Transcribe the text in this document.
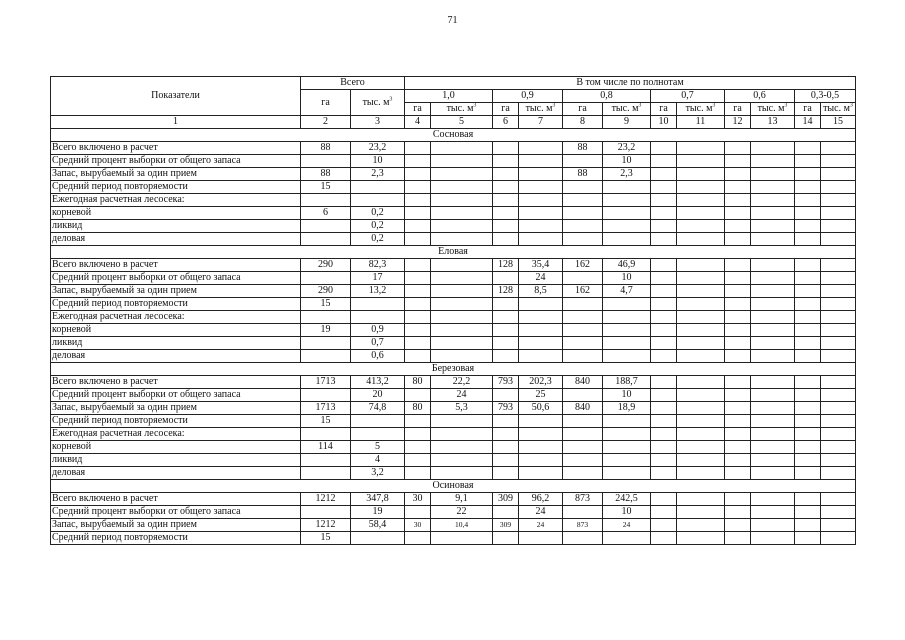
71
Показатели	Всего		В том числе по полнотам											
	га	тыс. $м^3$	1,0		0,9		0,8		0,7		0,6		0,3-0,5	
			га	тыс. $м^3$	га	тыс. $м^3$	га	тыс. $м^3$	га	тыс. $м^3$	га	тыс. $м^3$	га	тыс. $м^3$
1	2	3	4	5	6	7	8	9	10	11	12	13	14	15
Сосновая														
Всего включено в расчет	88	23,2					88	23,2						
Средний процент выборки от общего запаса		10						10						
Запас, вырубаемый за один прием	88	2,3					88	2,3						
Средний период повторяемости	15													
Ежегодная расчетная лесосека:														
корневой	6	0,2												
ликвид		0,2												
деловая		0,2												
Еловая														
Всего включено в расчет	290	82,3			128	35,4	162	46,9						
Средний процент выборки от общего запаса		17				24		10						
Запас, вырубаемый за один прием	290	13,2			128	8,5	162	4,7						
Средний период повторяемости	15													
Ежегодная расчетная лесосека:														
корневой	19	0,9												
ликвид		0,7												
деловая		0,6												
Березовая														
Всего включено в расчет	1713	413,2	80	22,2	793	202,3	840	188,7						
Средний процент выборки от общего запаса		20		24		25		10						
Запас, вырубаемый за один прием	1713	74,8	80	5,3	793	50,6	840	18,9						
Средний период повторяемости	15													
Ежегодная расчетная лесосека:														
корневой	114	5												
ликвид		4												
деловая		3,2												
Осиновая														
Всего включено в расчет	1212	347,8	30	9,1	309	96,2	873	242,5						
Средний процент выборки от общего запаса		19		22		24		10						
Запас, вырубаемый за один прием	1212	58,4	30	10,4	309	24	873	24						
Средний период повторяемости	15													
